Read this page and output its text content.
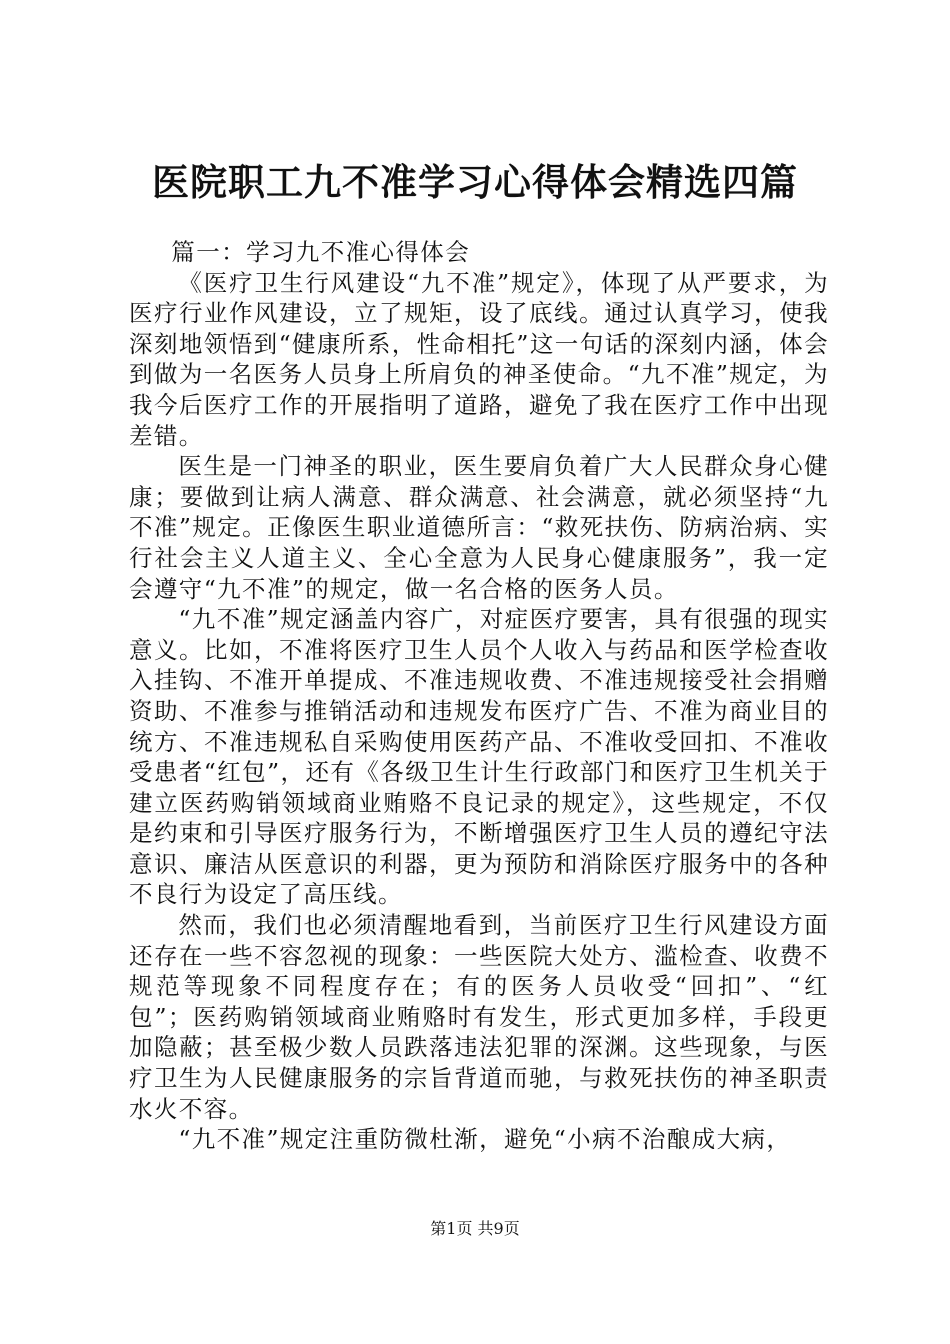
医院职工九不准学习心得体会精选四篇

篇一：学习九不准心得体会

《医疗卫生行风建设“九不准”规定》，体现了从严要求，为医疗行业作风建设，立了规矩，设了底线。通过认真学习，使我深刻地领悟到“健康所系，性命相托”这一句话的深刻内涵，体会到做为一名医务人员身上所肩负的神圣使命。“九不准”规定，为我今后医疗工作的开展指明了道路，避免了我在医疗工作中出现差错。

医生是一门神圣的职业，医生要肩负着广大人民群众身心健康；要做到让病人满意、群众满意、社会满意，就必须坚持“九不准”规定。正像医生职业道德所言：“救死扶伤、防病治病、实行社会主义人道主义、全心全意为人民身心健康服务”，我一定会遵守“九不准”的规定，做一名合格的医务人员。

“九不准”规定涵盖内容广，对症医疗要害，具有很强的现实意义。比如，不准将医疗卫生人员个人收入与药品和医学检查收入挂钩、不准开单提成、不准违规收费、不准违规接受社会捐赠资助、不准参与推销活动和违规发布医疗广告、不准为商业目的统方、不准违规私自采购使用医药产品、不准收受回扣、不准收受患者“红包”，还有《各级卫生计生行政部门和医疗卫生机关于建立医药购销领域商业贿赂不良记录的规定》，这些规定，不仅是约束和引导医疗服务行为，不断增强医疗卫生人员的遵纪守法意识、廉洁从医意识的利器，更为预防和消除医疗服务中的各种不良行为设定了高压线。

然而，我们也必须清醒地看到，当前医疗卫生行风建设方面还存在一些不容忽视的现象：一些医院大处方、滥检查、收费不规范等现象不同程度存在；有的医务人员收受“回扣”、“红包”；医药购销领域商业贿赂时有发生，形式更加多样，手段更加隐蔽；甚至极少数人员跌落违法犯罪的深渊。这些现象，与医疗卫生为人民健康服务的宗旨背道而驰，与救死扶伤的神圣职责水火不容。

“九不准”规定注重防微杜渐，避免“小病不治酿成大病，

第1页 共9页
